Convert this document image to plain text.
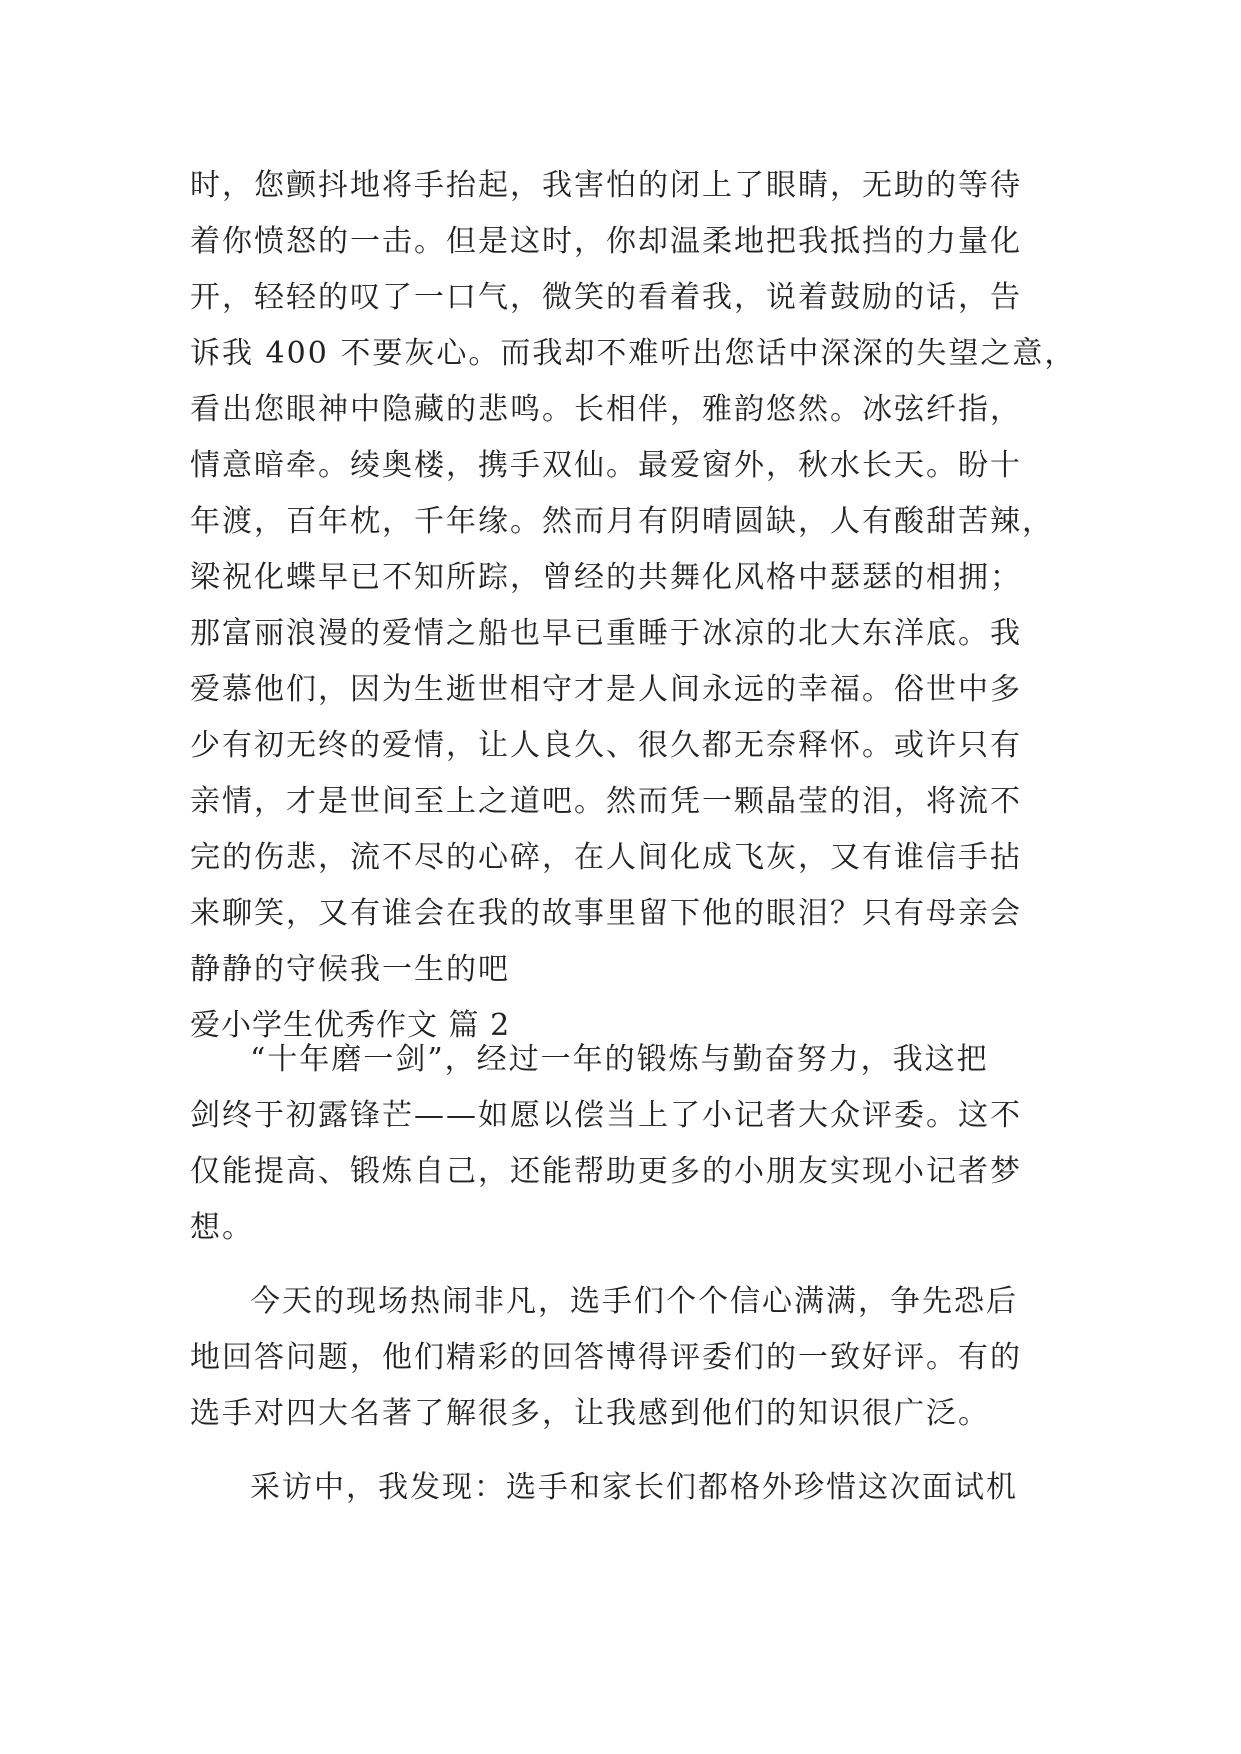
时，您颤抖地将手抬起，我害怕的闭上了眼睛，无助的等待
着你愤怒的一击。但是这时，你却温柔地把我抵挡的力量化
开，轻轻的叹了一口气，微笑的看着我，说着鼓励的话，告
诉我 400 不要灰心。而我却不难听出您话中深深的失望之意，
看出您眼神中隐藏的悲鸣。长相伴，雅韵悠然。冰弦纤指，
情意暗牵。绫奥楼，携手双仙。最爱窗外，秋水长天。盼十
年渡，百年枕，千年缘。然而月有阴晴圆缺，人有酸甜苦辣，
梁祝化蝶早已不知所踪，曾经的共舞化风格中瑟瑟的相拥；
那富丽浪漫的爱情之船也早已重睡于冰凉的北大东洋底。我
爱慕他们，因为生逝世相守才是人间永远的幸福。俗世中多
少有初无终的爱情，让人良久、很久都无奈释怀。或许只有
亲情，才是世间至上之道吧。然而凭一颗晶莹的泪，将流不
完的伤悲，流不尽的心碎，在人间化成飞灰，又有谁信手拈
来聊笑，又有谁会在我的故事里留下他的眼泪？只有母亲会
静静的守候我一生的吧
爱小学生优秀作文 篇 2
“十年磨一剑”，经过一年的锻炼与勤奋努力，我这把
剑终于初露锋芒——如愿以偿当上了小记者大众评委。这不
仅能提高、锻炼自己，还能帮助更多的小朋友实现小记者梦
想。
今天的现场热闹非凡，选手们个个信心满满，争先恐后
地回答问题，他们精彩的回答博得评委们的一致好评。有的
选手对四大名著了解很多，让我感到他们的知识很广泛。
采访中，我发现：选手和家长们都格外珍惜这次面试机
